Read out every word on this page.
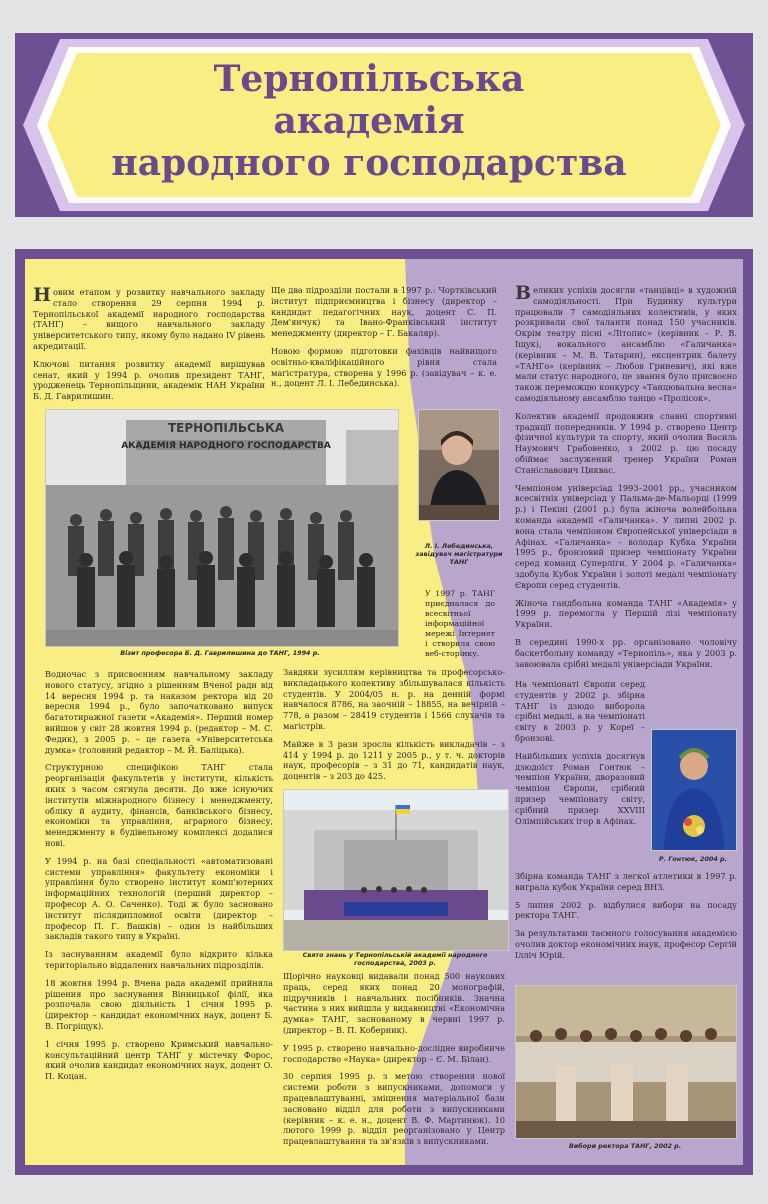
Тернопільська
академія
народного господарства

Новим етапом у розвитку навчального закладу стало створення 29 серпня 1994 р. Тернопільської академії народного господарства (ТАНГ) – вищого навчального закладу університетського типу, якому було надано IV рівень акредитації.

Ключові питання розвитку академії вирішував сенат, який у 1994 р. очолив президент ТАНГ, уродженець Тернопільщини, академік НАН України Б. Д. Гаврилишин.

Ще два підрозділи постали в 1997 р.: Чортківський інститут підприємництва і бізнесу (директор – кандидат педагогічних наук, доцент С. П. Дем'янчук) та Івано-Франківський інститут менеджменту (директор – Г. Бакаляр).

Новою формою підготовки фахівців найвищого освітньо-кваліфікаційного рівня стала магістратура, створена у 1996 р. (завідувач – к. е. н., доцент Л. І. Лебединська).

Великих успіхів досягли «танцівці» в художній самодіяльності. При Будинку культури працювали 7 самодіяльних колективів, у яких розкривали свої таланти понад 150 учасників. Окрім театру пісні «Літопис» (керівник – Р. В. Іщук), вокального ансамблю «Галичанка» (керівник – М. В. Татарин), ексцентрик балету «ТАНГо» (керівник – Любов Гриневич), які вже мали статус народного, це звання було присвоєно також переможцю конкурсу «Танцювальна весна» самодіяльному ансамблю танцю «Пролісок».

Колектив академії продовжив славні спортивні традиції попередників. У 1994 р. створено Центр фізичної культури та спорту, який очолив Василь Наумович Грабовенко, з 2002 р. цю посаду обіймає заслужений тренер України Роман Станіславович Циквас.

Чемпіоном універсіад 1993–2001 рр., учасником всесвітніх універсіад у Пальма-де-Мальорці (1999 р.) і Пекіні (2001 р.) була жіноча волейбольна команда академії «Галичанка». У липні 2002 р. вона стала чемпіоном Європейської універсіади в Афінах. «Галичанка» – володар Кубка України 1995 р., бронзовий призер чемпіонату України серед команд Суперліги. У 2004 р. «Галичанка» здобула Кубок України і золоті медалі чемпіонату Європи серед студентів.

Жіноча гандбольна команда ТАНГ «Академія» у 1999 р. перемогла у Першій лізі чемпіонату України.

В середині 1990-х рр. організовано чоловічу баскетбольну команду «Тернопіль», яка у 2003 р. завоювала срібні медалі універсіади України.

На чемпіонаті Європи серед студентів у 2002 р. збірна ТАНГ із дзюдо виборола срібні медалі, а на чемпіонаті світу в 2003 р. у Кореї – бронзові.

Найбільших успіхів досягнув дзюдоїст Роман Гонтюк – чемпіон України, дворазовий чемпіон Європи, срібний призер чемпіонату світу, срібний призер XXVIII Олімпійських ігор в Афінах.

Збірна команда ТАНГ з легкої атлетики в 1997 р. виграла кубок України серед ВНЗ.

5 липня 2002 р. відбулися вибори на посаду ректора ТАНГ.

За результатами таємного голосування академією очолив доктор економічних наук, професор Сергій Ілліч Юрій.

ТЕРНОПІЛЬСЬКА
АКАДЕМІЯ НАРОДНОГО ГОСПОДАРСТВА
Візит професора Б. Д. Гаврилишина до ТАНГ, 1994 р.
Л. І. Лебединська, завідувач магістратури ТАНГ

У 1997 р. ТАНГ приєдналася до всесвітньої інформаційної мережі Інтернет і створила свою веб-сторінку.

Водночас з присвоєнням навчальному закладу нового статусу, згідно з рішенням Вченої ради від 14 вересня 1994 р. та наказом ректора від 20 вересня 1994 р., було започатковано випуск багатотиражної газети «Академія». Перший номер вийшов у світ 28 жовтня 1994 р. (редактор – М. С. Федик), з 2005 р. – це газета «Університетська думка» (головний редактор – М. Й. Баліцька).

Структурною специфікою ТАНГ стала реорганізація факультетів у інститути, кількість яких з часом сягнула десяти. До вже існуючих інститутів міжнародного бізнесу і менеджменту, обліку й аудиту, фінансів, банківського бізнесу, економіки та управління, аграрного бізнесу, менеджменту в будівельному комплексі додалися нові.

У 1994 р. на базі спеціальності «автоматизовані системи управління» факультету економіки і управління було створено інститут комп'ютерних інформаційних технологій (перший директор – професор А. О. Саченко). Тоді ж було засновано інститут післядипломної освіти (директор – професор П. Г. Вашків) – один із найбільших закладів такого типу в Україні.

Із заснуванням академії було відкрито кілька територіально віддалених навчальних підрозділів.

18 жовтня 1994 р. Вчена рада академії прийняла рішення про заснування Вінницької філії, яка розпочала свою діяльність 1 січня 1995 р. (директор – кандидат економічних наук, доцент Б. В. Погріщук).

1 січня 1995 р. створено Кримський навчально-консультаційний центр ТАНГ у містечку Форос, який очолив кандидат економічних наук, доцент О. П. Коцан.

Завдяки зусиллям керівництва та професорсько-викладацького колективу збільшувалася кількість студентів. У 2004/05 н. р. на денній формі навчалося 8786, на заочній – 18855, на вечірній – 778, а разом – 28419 студентів і 1566 слухачів та магістрів.

Майже в 3 рази зросла кількість викладачів – з 414 у 1994 р. до 1211 у 2005 р., у т. ч. докторів наук, професорів – з 31 до 71, кандидатів наук, доцентів – з 203 до 425.

Свято знань у Тернопільській академії народного господарства, 2003 р.

Щорічно науковці видавали понад 500 наукових праць, серед яких понад 20 монографій, підручників і навчальних посібників. Значна частина з них вийшла у видавництві «Економічна думка» ТАНГ, заснованому в червні 1997 р. (директор – В. П. Коберник).

У 1995 р. створено навчально-дослідне виробниче господарство «Наука» (директор – Є. М. Білан).

30 серпня 1995 р. з метою створення нової системи роботи з випускниками, допомоги у працевлаштуванні, зміцнення матеріальної бази засновано відділ для роботи з випускниками (керівник – к. е. н., доцент В. Ф. Мартинюк). 10 лютого 1999 р. відділ реорганізовано у Центр працевлаштування та зв'язків з випускниками.

Р. Гонтюк, 2004 р.
Вибори ректора ТАНГ, 2002 р.
